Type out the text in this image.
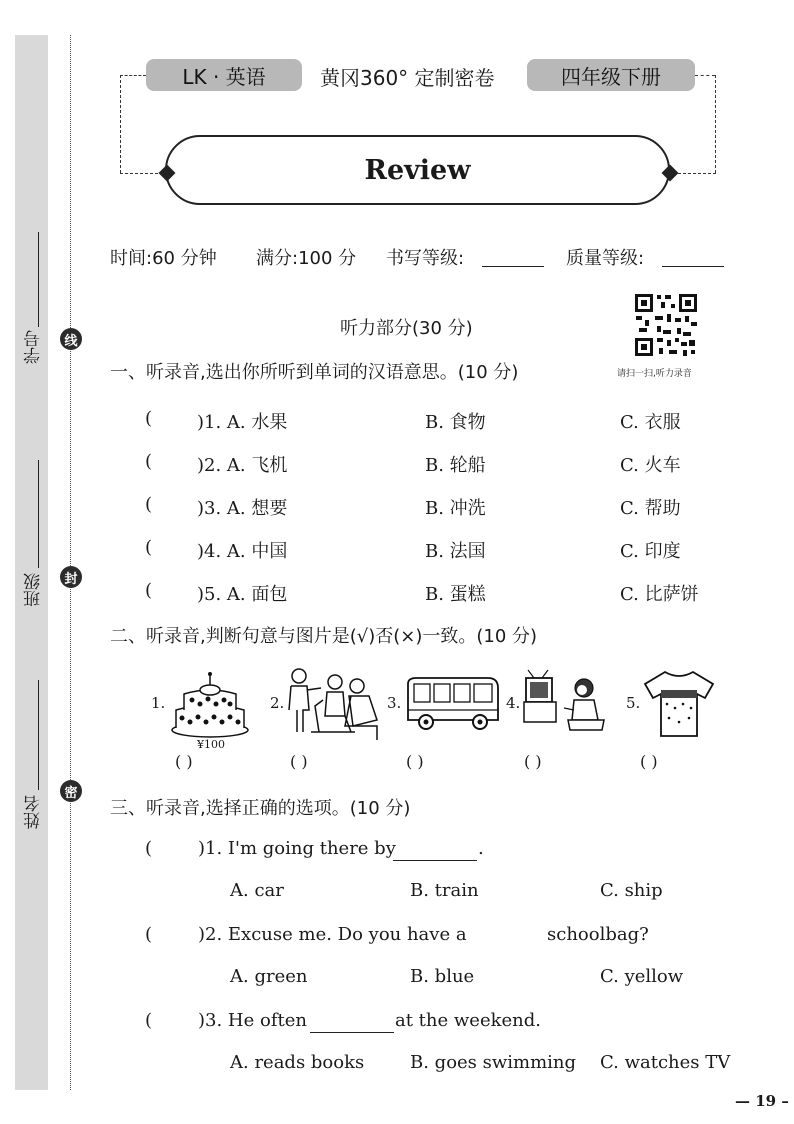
学号
班级
姓名
线
封
密
LK · 英语	黄冈360° 定制密卷	四年级下册
Review
时间:60 分钟 满分:100 分 书写等级:	质量等级:
听力部分(30 分)
请扫一扫,听力录音
一、听录音,选出你所听到单词的汉语意思。(10 分)
( )1. A. 水果	B. 食物	C. 衣服
( )2. A. 飞机	B. 轮船	C. 火车
( )3. A. 想要	B. 冲洗	C. 帮助
( )4. A. 中国	B. 法国	C. 印度
( )5. A. 面包	B. 蛋糕	C. 比萨饼
二、听录音,判断句意与图片是(√)否(×)一致。(10 分)
1.
¥100
2.	3.	4.	5.
( )	( )	( )	( )	( )
三、听录音,选择正确的选项。(10 分)
(	)1. I'm going there by	.
A. car	B. train	C. ship
(	)2. Excuse me. Do you have a	schoolbag?
A. green	B. blue	C. yellow
(	)3. He often	at the weekend.
A. reads books	B. goes swimming C. watches TV
— 19 –
